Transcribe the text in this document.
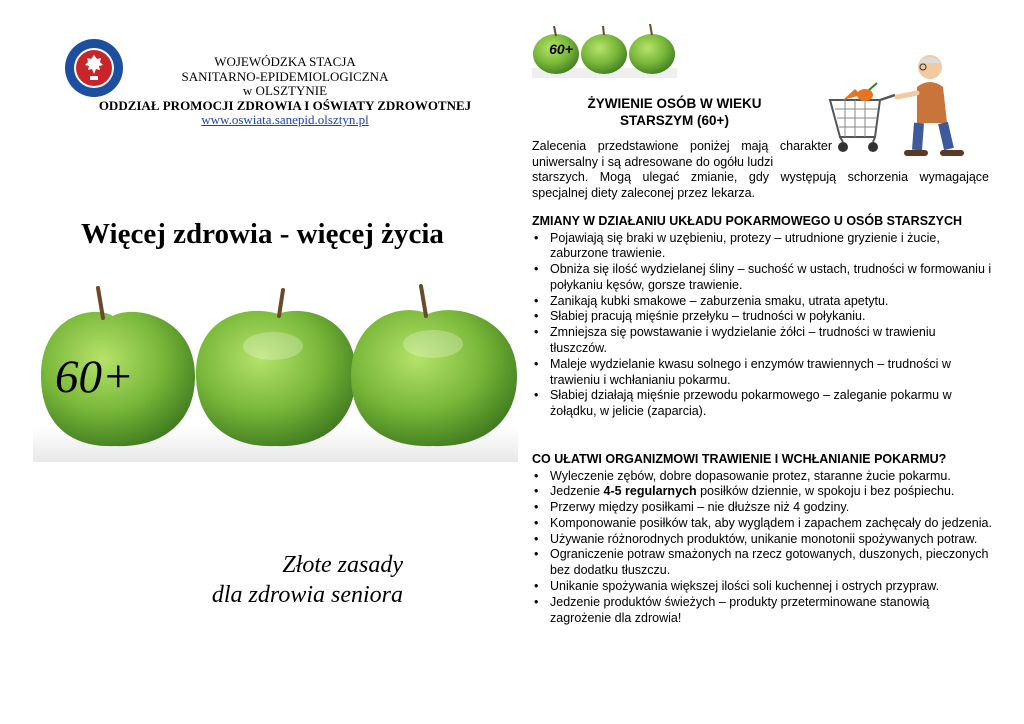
WOJEWÓDZKA STACJA
SANITARNO-EPIDEMIOLOGICZNA
w OLSZTYNIE
ODDZIAŁ PROMOCJI ZDROWIA I OŚWIATY ZDROWOTNEJ
www.oswiata.sanepid.olsztyn.pl
Więcej zdrowia - więcej życia
60+
Złote zasady
dla zdrowia seniora
60+
ŻYWIENIE OSÓB W WIEKU
STARSZYM (60+)

Zalecenia przedstawione poniżej mają charakter uniwersalny i są adresowane do ogółu ludzi

starszych. Mogą ulegać zmianie, gdy występują schorzenia wymagające specjalnej diety zaleconej przez lekarza.

ZMIANY W DZIAŁANIU UKŁADU POKARMOWEGO U OSÓB STARSZYCH
• Pojawiają się braki w uzębieniu, protezy – utrudnione gryzienie i żucie, zaburzone trawienie.
• Obniża się ilość wydzielanej śliny – suchość w ustach, trudności w formowaniu i połykaniu kęsów, gorsze trawienie.
• Zanikają kubki smakowe – zaburzenia smaku, utrata apetytu.
• Słabiej pracują mięśnie przełyku – trudności w połykaniu.
• Zmniejsza się powstawanie i wydzielanie żółci – trudności w trawieniu tłuszczów.
• Maleje wydzielanie kwasu solnego i enzymów trawiennych – trudności w trawieniu i wchłanianiu pokarmu.
• Słabiej działają mięśnie przewodu pokarmowego – zaleganie pokarmu w żołądku, w jelicie (zaparcia).
CO UŁATWI ORGANIZMOWI TRAWIENIE I WCHŁANIANIE POKARMU?
• Wyleczenie zębów, dobre dopasowanie protez, staranne żucie pokarmu.
• Jedzenie 4-5 regularnych posiłków dziennie, w spokoju i bez pośpiechu.
• Przerwy między posiłkami – nie dłuższe niż 4 godziny.
• Komponowanie posiłków tak, aby wyglądem i zapachem zachęcały do jedzenia.
• Używanie różnorodnych produktów, unikanie monotonii spożywanych potraw.
• Ograniczenie potraw smażonych na rzecz gotowanych, duszonych, pieczonych bez dodatku tłuszczu.
• Unikanie spożywania większej ilości soli kuchennej i ostrych przypraw.
• Jedzenie produktów świeżych – produkty przeterminowane stanowią zagrożenie dla zdrowia!
